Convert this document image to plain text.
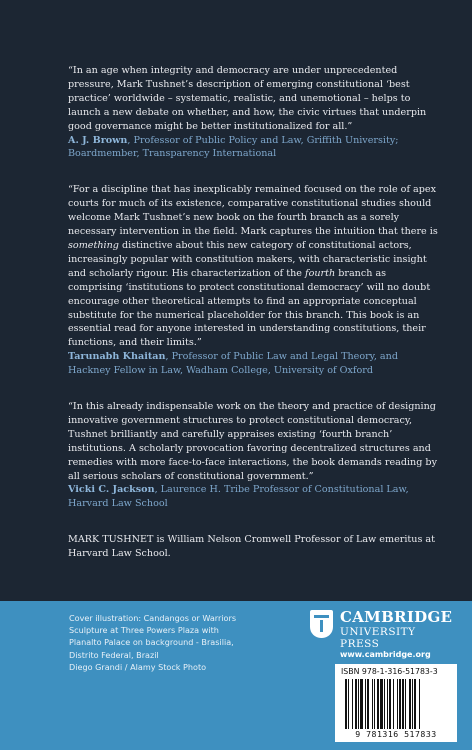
“In an age when integrity and democracy are under unprecedented pressure, Mark Tushnet’s description of emerging constitutional ‘best practice’ worldwide – systematic, realistic, and unemotional – helps to launch a new debate on whether, and how, the civic virtues that underpin good governance might be better institutionalized for all.”

A. J. Brown, Professor of Public Policy and Law, Griffith University; Boardmember, Transparency International

“For a discipline that has inexplicably remained focused on the role of apex courts for much of its existence, comparative constitutional studies should welcome Mark Tushnet’s new book on the fourth branch as a sorely necessary intervention in the field. Mark captures the intuition that there is something distinctive about this new category of constitutional actors, increasingly popular with constitution makers, with characteristic insight and scholarly rigour. His characterization of the fourth branch as comprising ‘institutions to protect constitutional democracy’ will no doubt encourage other theoretical attempts to find an appropriate conceptual substitute for the numerical placeholder for this branch. This book is an essential read for anyone interested in understanding constitutions, their functions, and their limits.”

Tarunabh Khaitan, Professor of Public Law and Legal Theory, and Hackney Fellow in Law, Wadham College, University of Oxford

“In this already indispensable work on the theory and practice of designing innovative government structures to protect constitutional democracy, Tushnet brilliantly and carefully appraises existing ‘fourth branch’ institutions. A scholarly provocation favoring decentralized structures and remedies with more face-to-face interactions, the book demands reading by all serious scholars of constitutional government.”

Vicki C. Jackson, Laurence H. Tribe Professor of Constitutional Law, Harvard Law School

MARK TUSHNET is William Nelson Cromwell Professor of Law emeritus at Harvard Law School.

Cover illustration: Candangos or Warriors

Sculpture at Three Powers Plaza with

Planalto Palace on background - Brasilia,

Distrito Federal, Brazil

Diego Grandi / Alamy Stock Photo

CAMBRIDGE
UNIVERSITY PRESS
www.cambridge.org
ISBN 978-1-316-51783-3
9 781316 517833
